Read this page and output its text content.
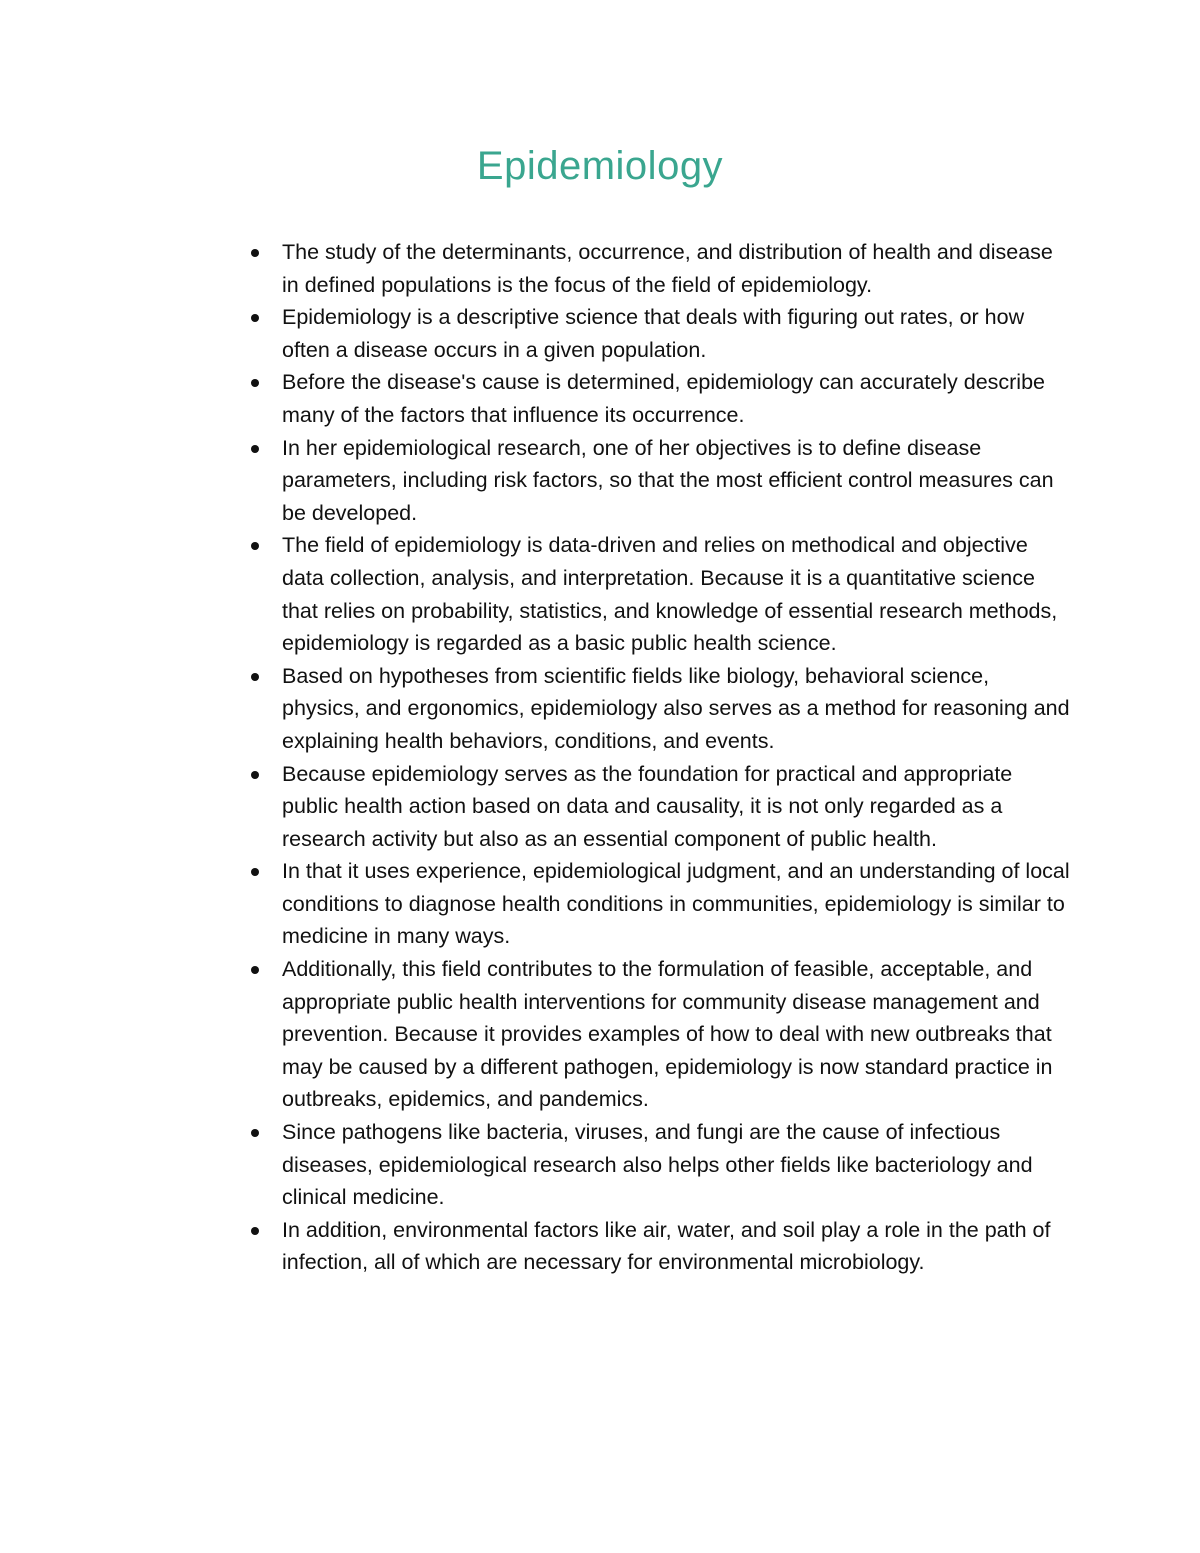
Epidemiology
The study of the determinants, occurrence, and distribution of health and disease in defined populations is the focus of the field of epidemiology.
Epidemiology is a descriptive science that deals with figuring out rates, or how often a disease occurs in a given population.
Before the disease's cause is determined, epidemiology can accurately describe many of the factors that influence its occurrence.
In her epidemiological research, one of her objectives is to define disease parameters, including risk factors, so that the most efficient control measures can be developed.
The field of epidemiology is data-driven and relies on methodical and objective data collection, analysis, and interpretation. Because it is a quantitative science that relies on probability, statistics, and knowledge of essential research methods, epidemiology is regarded as a basic public health science.
Based on hypotheses from scientific fields like biology, behavioral science, physics, and ergonomics, epidemiology also serves as a method for reasoning and explaining health behaviors, conditions, and events.
Because epidemiology serves as the foundation for practical and appropriate public health action based on data and causality, it is not only regarded as a research activity but also as an essential component of public health.
In that it uses experience, epidemiological judgment, and an understanding of local conditions to diagnose health conditions in communities, epidemiology is similar to medicine in many ways.
Additionally, this field contributes to the formulation of feasible, acceptable, and appropriate public health interventions for community disease management and prevention. Because it provides examples of how to deal with new outbreaks that may be caused by a different pathogen, epidemiology is now standard practice in outbreaks, epidemics, and pandemics.
Since pathogens like bacteria, viruses, and fungi are the cause of infectious diseases, epidemiological research also helps other fields like bacteriology and clinical medicine.
In addition, environmental factors like air, water, and soil play a role in the path of infection, all of which are necessary for environmental microbiology.
